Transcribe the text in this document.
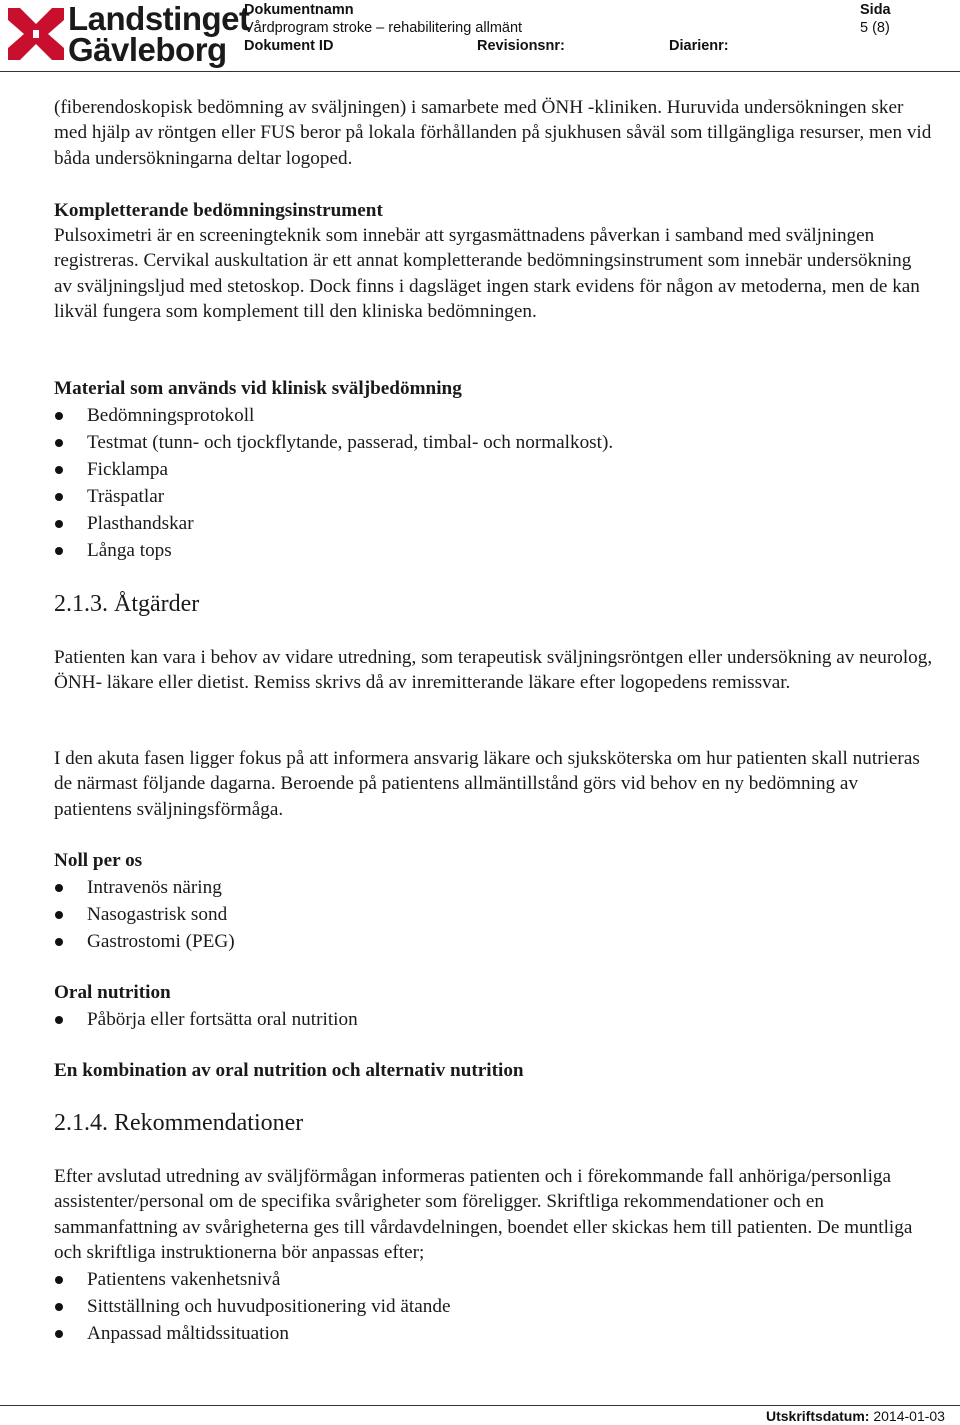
Landstinget
Gävleborg
Dokumentnamn
Vårdprogram stroke – rehabilitering allmänt
Dokument ID	Revisionsnr:	Diarienr:
Sida
5 (8)
(fiberendoskopisk bedömning av sväljningen) i samarbete med ÖNH -kliniken. Huruvida undersökningen sker med hjälp av röntgen eller FUS beror på lokala förhållanden på sjukhusen såväl som tillgängliga resurser, men vid båda undersökningarna deltar logoped.
Kompletterande bedömningsinstrument
Pulsoximetri är en screeningteknik som innebär att syrgasmättnadens påverkan i samband med sväljningen registreras. Cervikal auskultation är ett annat kompletterande bedömningsinstrument som innebär undersökning av sväljningsljud med stetoskop. Dock finns i dagsläget ingen stark evidens för någon av metoderna, men de kan likväl fungera som komplement till den kliniska bedömningen.
Material som används vid klinisk sväljbedömning
Bedömningsprotokoll
Testmat (tunn- och tjockflytande, passerad, timbal- och normalkost).
Ficklampa
Träspatlar
Plasthandskar
Långa tops
2.1.3. Åtgärder
Patienten kan vara i behov av vidare utredning, som terapeutisk sväljningsröntgen eller undersökning av neurolog, ÖNH- läkare eller dietist. Remiss skrivs då av inremitterande läkare efter logopedens remissvar.
I den akuta fasen ligger fokus på att informera ansvarig läkare och sjuksköterska om hur patienten skall nutrieras de närmast följande dagarna. Beroende på patientens allmäntillstånd görs vid behov en ny bedömning av patientens sväljningsförmåga.
Noll per os
Intravenös näring
Nasogastrisk sond
Gastrostomi (PEG)
Oral nutrition
Påbörja eller fortsätta oral nutrition
En kombination av oral nutrition och alternativ nutrition
2.1.4. Rekommendationer
Efter avslutad utredning av sväljförmågan informeras patienten och i förekommande fall anhöriga/personliga assistenter/personal om de specifika svårigheter som föreligger. Skriftliga rekommendationer och en sammanfattning av svårigheterna ges till vårdavdelningen, boendet eller skickas hem till patienten. De muntliga och skriftliga instruktionerna bör anpassas efter;
Patientens vakenhetsnivå
Sittställning och huvudpositionering vid ätande
Anpassad måltidssituation
Utskriftsdatum: 2014-01-03
